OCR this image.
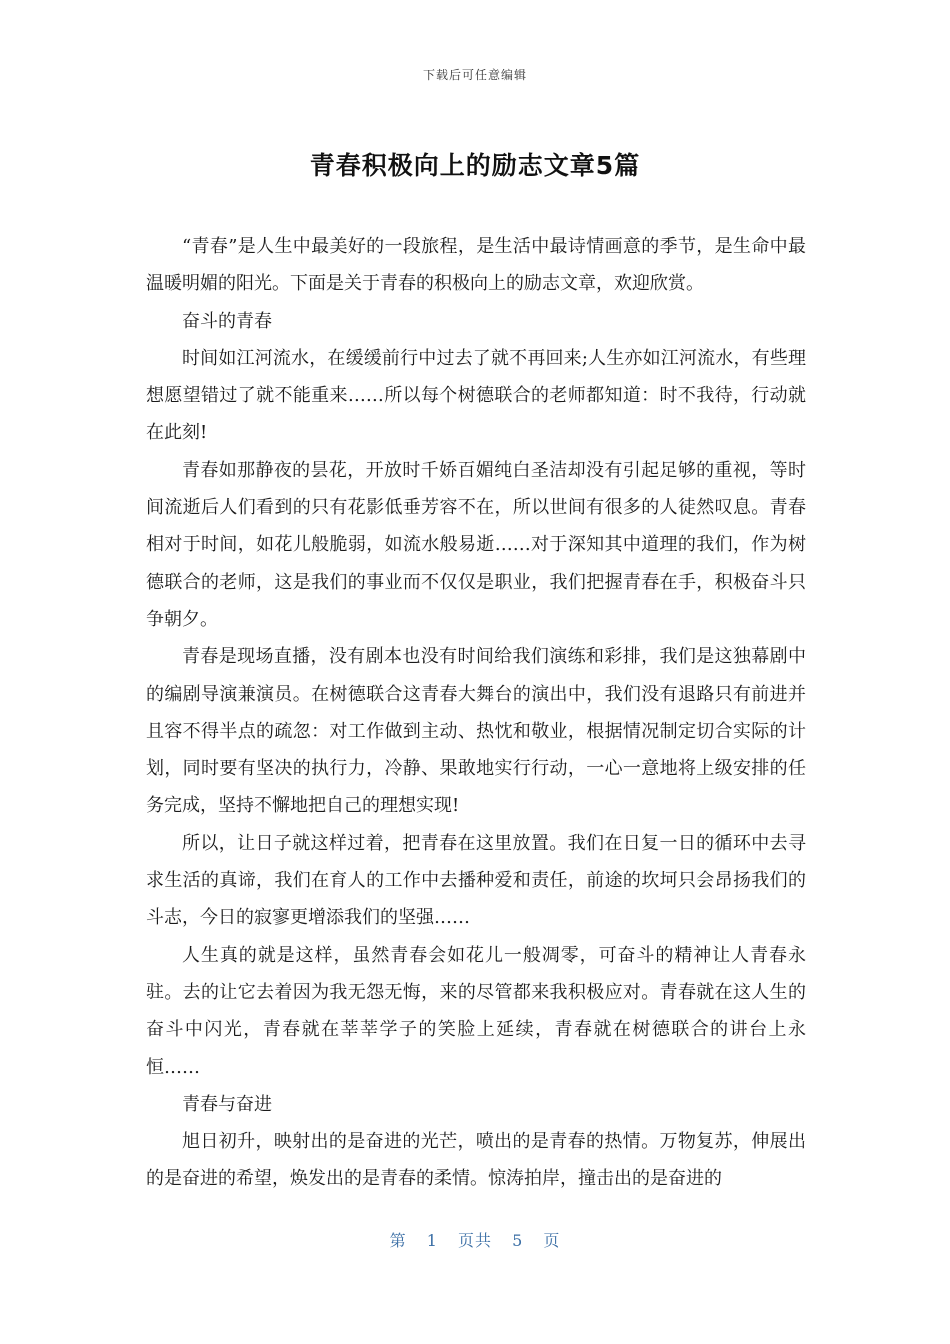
下载后可任意编辑
青春积极向上的励志文章5篇

“青春”是人生中最美好的一段旅程，是生活中最诗情画意的季节，是生命中最温暖明媚的阳光。下面是关于青春的积极向上的励志文章，欢迎欣赏。

奋斗的青春

时间如江河流水，在缓缓前行中过去了就不再回来;人生亦如江河流水，有些理想愿望错过了就不能重来……所以每个树德联合的老师都知道：时不我待，行动就在此刻!

青春如那静夜的昙花，开放时千娇百媚纯白圣洁却没有引起足够的重视，等时间流逝后人们看到的只有花影低垂芳容不在，所以世间有很多的人徒然叹息。青春相对于时间，如花儿般脆弱，如流水般易逝……对于深知其中道理的我们，作为树德联合的老师，这是我们的事业而不仅仅是职业，我们把握青春在手，积极奋斗只争朝夕。

青春是现场直播，没有剧本也没有时间给我们演练和彩排，我们是这独幕剧中的编剧导演兼演员。在树德联合这青春大舞台的演出中，我们没有退路只有前进并且容不得半点的疏忽：对工作做到主动、热忱和敬业，根据情况制定切合实际的计划，同时要有坚决的执行力，冷静、果敢地实行行动，一心一意地将上级安排的任务完成，坚持不懈地把自己的理想实现!

所以，让日子就这样过着，把青春在这里放置。我们在日复一日的循环中去寻求生活的真谛，我们在育人的工作中去播种爱和责任，前途的坎坷只会昂扬我们的斗志，今日的寂寥更增添我们的坚强……

人生真的就是这样，虽然青春会如花儿一般凋零，可奋斗的精神让人青春永驻。去的让它去着因为我无怨无悔，来的尽管都来我积极应对。青春就在这人生的奋斗中闪光，青春就在莘莘学子的笑脸上延续，青春就在树德联合的讲台上永恒……

青春与奋进

旭日初升，映射出的是奋进的光芒，喷出的是青春的热情。万物复苏，伸展出的是奋进的希望，焕发出的是青春的柔情。惊涛拍岸，撞击出的是奋进的

第 1 页共 5 页
